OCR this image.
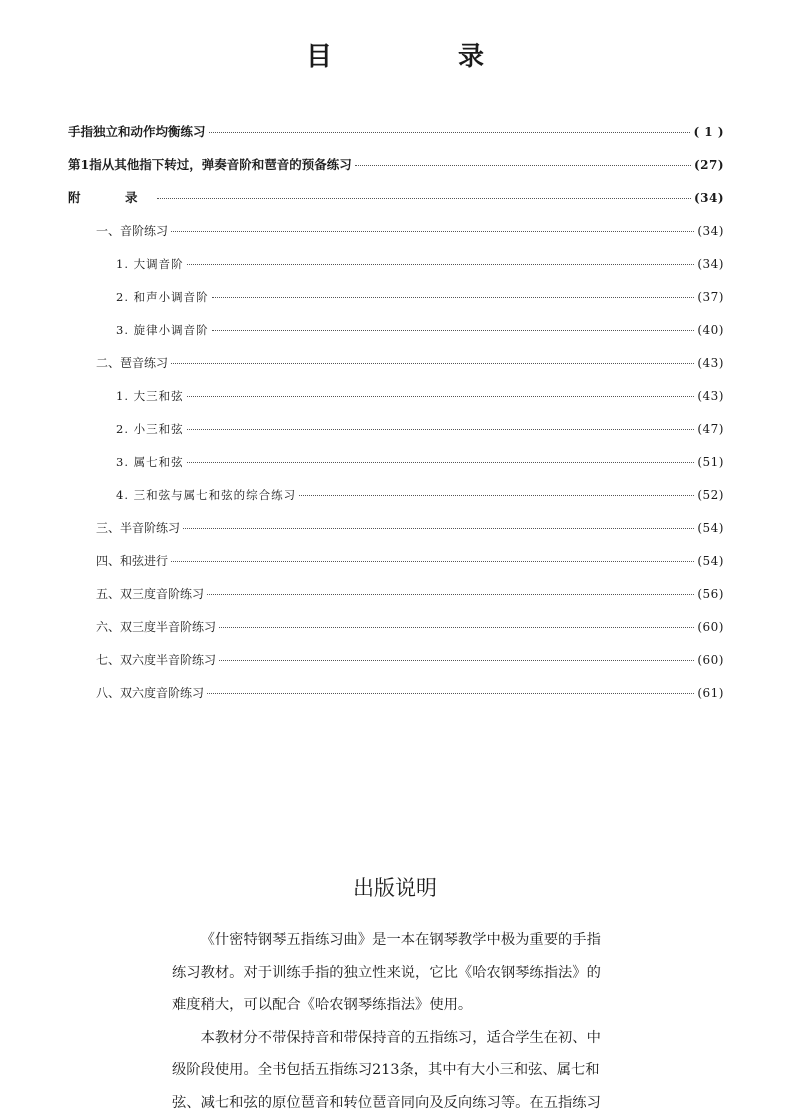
目　录
手指独立和动作均衡练习	( 1 )
第1指从其他指下转过，弹奏音阶和琶音的预备练习	(27)
附　录	(34)
一、音阶练习	(34)
1. 大调音阶	(34)
2. 和声小调音阶	(37)
3. 旋律小调音阶	(40)
二、琶音练习	(43)
1. 大三和弦	(43)
2. 小三和弦	(47)
3. 属七和弦	(51)
4. 三和弦与属七和弦的综合练习	(52)
三、半音阶练习	(54)
四、和弦进行	(54)
五、双三度音阶练习	(56)
六、双三度半音阶练习	(60)
七、双六度半音阶练习	(60)
八、双六度音阶练习	(61)
出版说明

《什密特钢琴五指练习曲》是一本在钢琴教学中极为重要的手指
练习教材。对于训练手指的独立性来说，它比《哈农钢琴练指法》的
难度稍大，可以配合《哈农钢琴练指法》使用。

本教材分不带保持音和带保持音的五指练习，适合学生在初、中
级阶段使用。全书包括五指练习213条，其中有大小三和弦、属七和
弦、减七和弦的原位琶音和转位琶音同向及反向练习等。在五指练习
